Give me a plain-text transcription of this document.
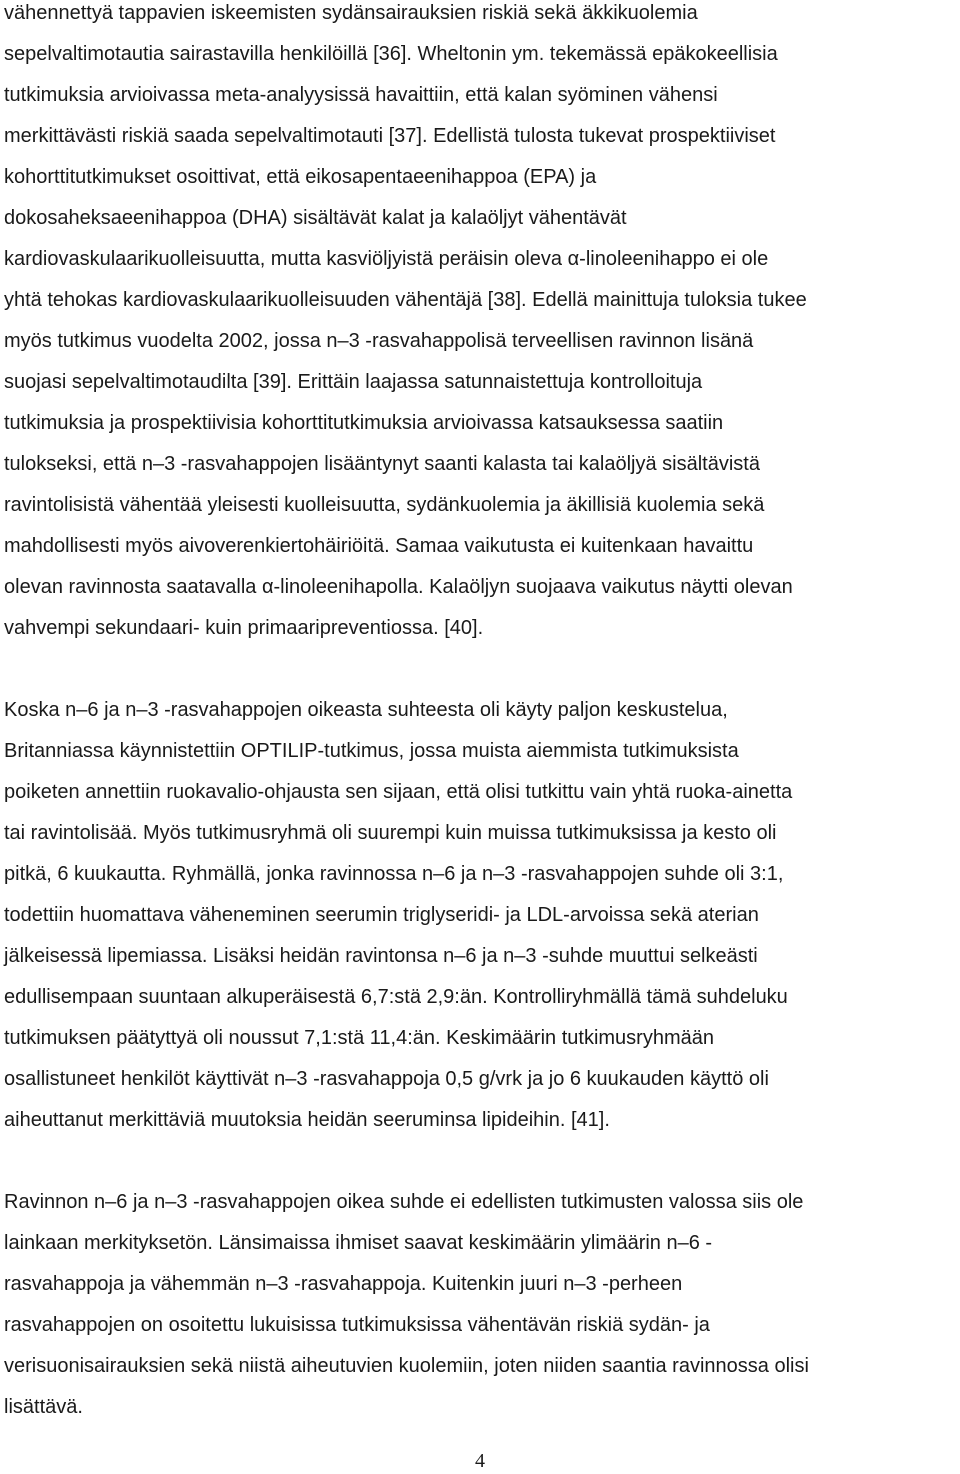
vähennettyä tappavien iskeemisten sydänsairauksien riskiä sekä äkkikuolemia
sepelvaltimotautia sairastavilla henkilöillä [36]. Wheltonin ym. tekemässä epäkokeellisia
tutkimuksia arvioivassa meta-analyysissä havaittiin, että kalan syöminen vähensi
merkittävästi riskiä saada sepelvaltimotauti [37]. Edellistä tulosta tukevat prospektiiviset
kohorttitutkimukset osoittivat, että eikosapentaeenihappoa (EPA) ja
dokosaheksaeenihappoa (DHA) sisältävät kalat ja kalaöljyt vähentävät
kardiovaskulaarikuolleisuutta, mutta kasviöljyistä peräisin oleva α-linoleenihappo ei ole
yhtä tehokas kardiovaskulaarikuolleisuuden vähentäjä [38]. Edellä mainittuja tuloksia tukee
myös tutkimus vuodelta 2002, jossa n–3 -rasvahappolisä terveellisen ravinnon lisänä
suojasi sepelvaltimotaudilta [39]. Erittäin laajassa satunnaistettuja kontrolloituja
tutkimuksia ja prospektiivisia kohorttitutkimuksia arvioivassa katsauksessa saatiin
tulokseksi, että n–3 -rasvahappojen lisääntynyt saanti kalasta tai kalaöljyä sisältävistä
ravintolisistä vähentää yleisesti kuolleisuutta, sydänkuolemia ja äkillisiä kuolemia sekä
mahdollisesti myös aivoverenkiertohäiriöitä. Samaa vaikutusta ei kuitenkaan havaittu
olevan ravinnosta saatavalla α-linoleenihapolla. Kalaöljyn suojaava vaikutus näytti olevan
vahvempi sekundaari- kuin primaaripreventiossa. [40].
Koska n–6 ja n–3 -rasvahappojen oikeasta suhteesta oli käyty paljon keskustelua,
Britanniassa käynnistettiin OPTILIP-tutkimus, jossa muista aiemmista tutkimuksista
poiketen annettiin ruokavalio-ohjausta sen sijaan, että olisi tutkittu vain yhtä ruoka-ainetta
tai ravintolisää. Myös tutkimusryhmä oli suurempi kuin muissa tutkimuksissa ja kesto oli
pitkä, 6 kuukautta. Ryhmällä, jonka ravinnossa n–6 ja n–3 -rasvahappojen suhde oli 3:1,
todettiin huomattava väheneminen seerumin triglyseridi- ja LDL-arvoissa sekä aterian
jälkeisessä lipemiassa. Lisäksi heidän ravintonsa n–6 ja n–3 -suhde muuttui selkeästi
edullisempaan suuntaan alkuperäisestä 6,7:stä 2,9:än. Kontrolliryhmällä tämä suhdeluku
tutkimuksen päätyttyä oli noussut 7,1:stä 11,4:än. Keskimäärin tutkimusryhmään
osallistuneet henkilöt käyttivät n–3 -rasvahappoja 0,5 g/vrk ja jo 6 kuukauden käyttö oli
aiheuttanut merkittäviä muutoksia heidän seeruminsa lipideihin. [41].
Ravinnon n–6 ja n–3 -rasvahappojen oikea suhde ei edellisten tutkimusten valossa siis ole
lainkaan merkityksetön. Länsimaissa ihmiset saavat keskimäärin ylimäärin n–6 -
rasvahappoja ja vähemmän n–3 -rasvahappoja. Kuitenkin juuri n–3 -perheen
rasvahappojen on osoitettu lukuisissa tutkimuksissa vähentävän riskiä sydän- ja
verisuonisairauksien sekä niistä aiheutuvien kuolemiin, joten niiden saantia ravinnossa olisi
lisättävä.
4
